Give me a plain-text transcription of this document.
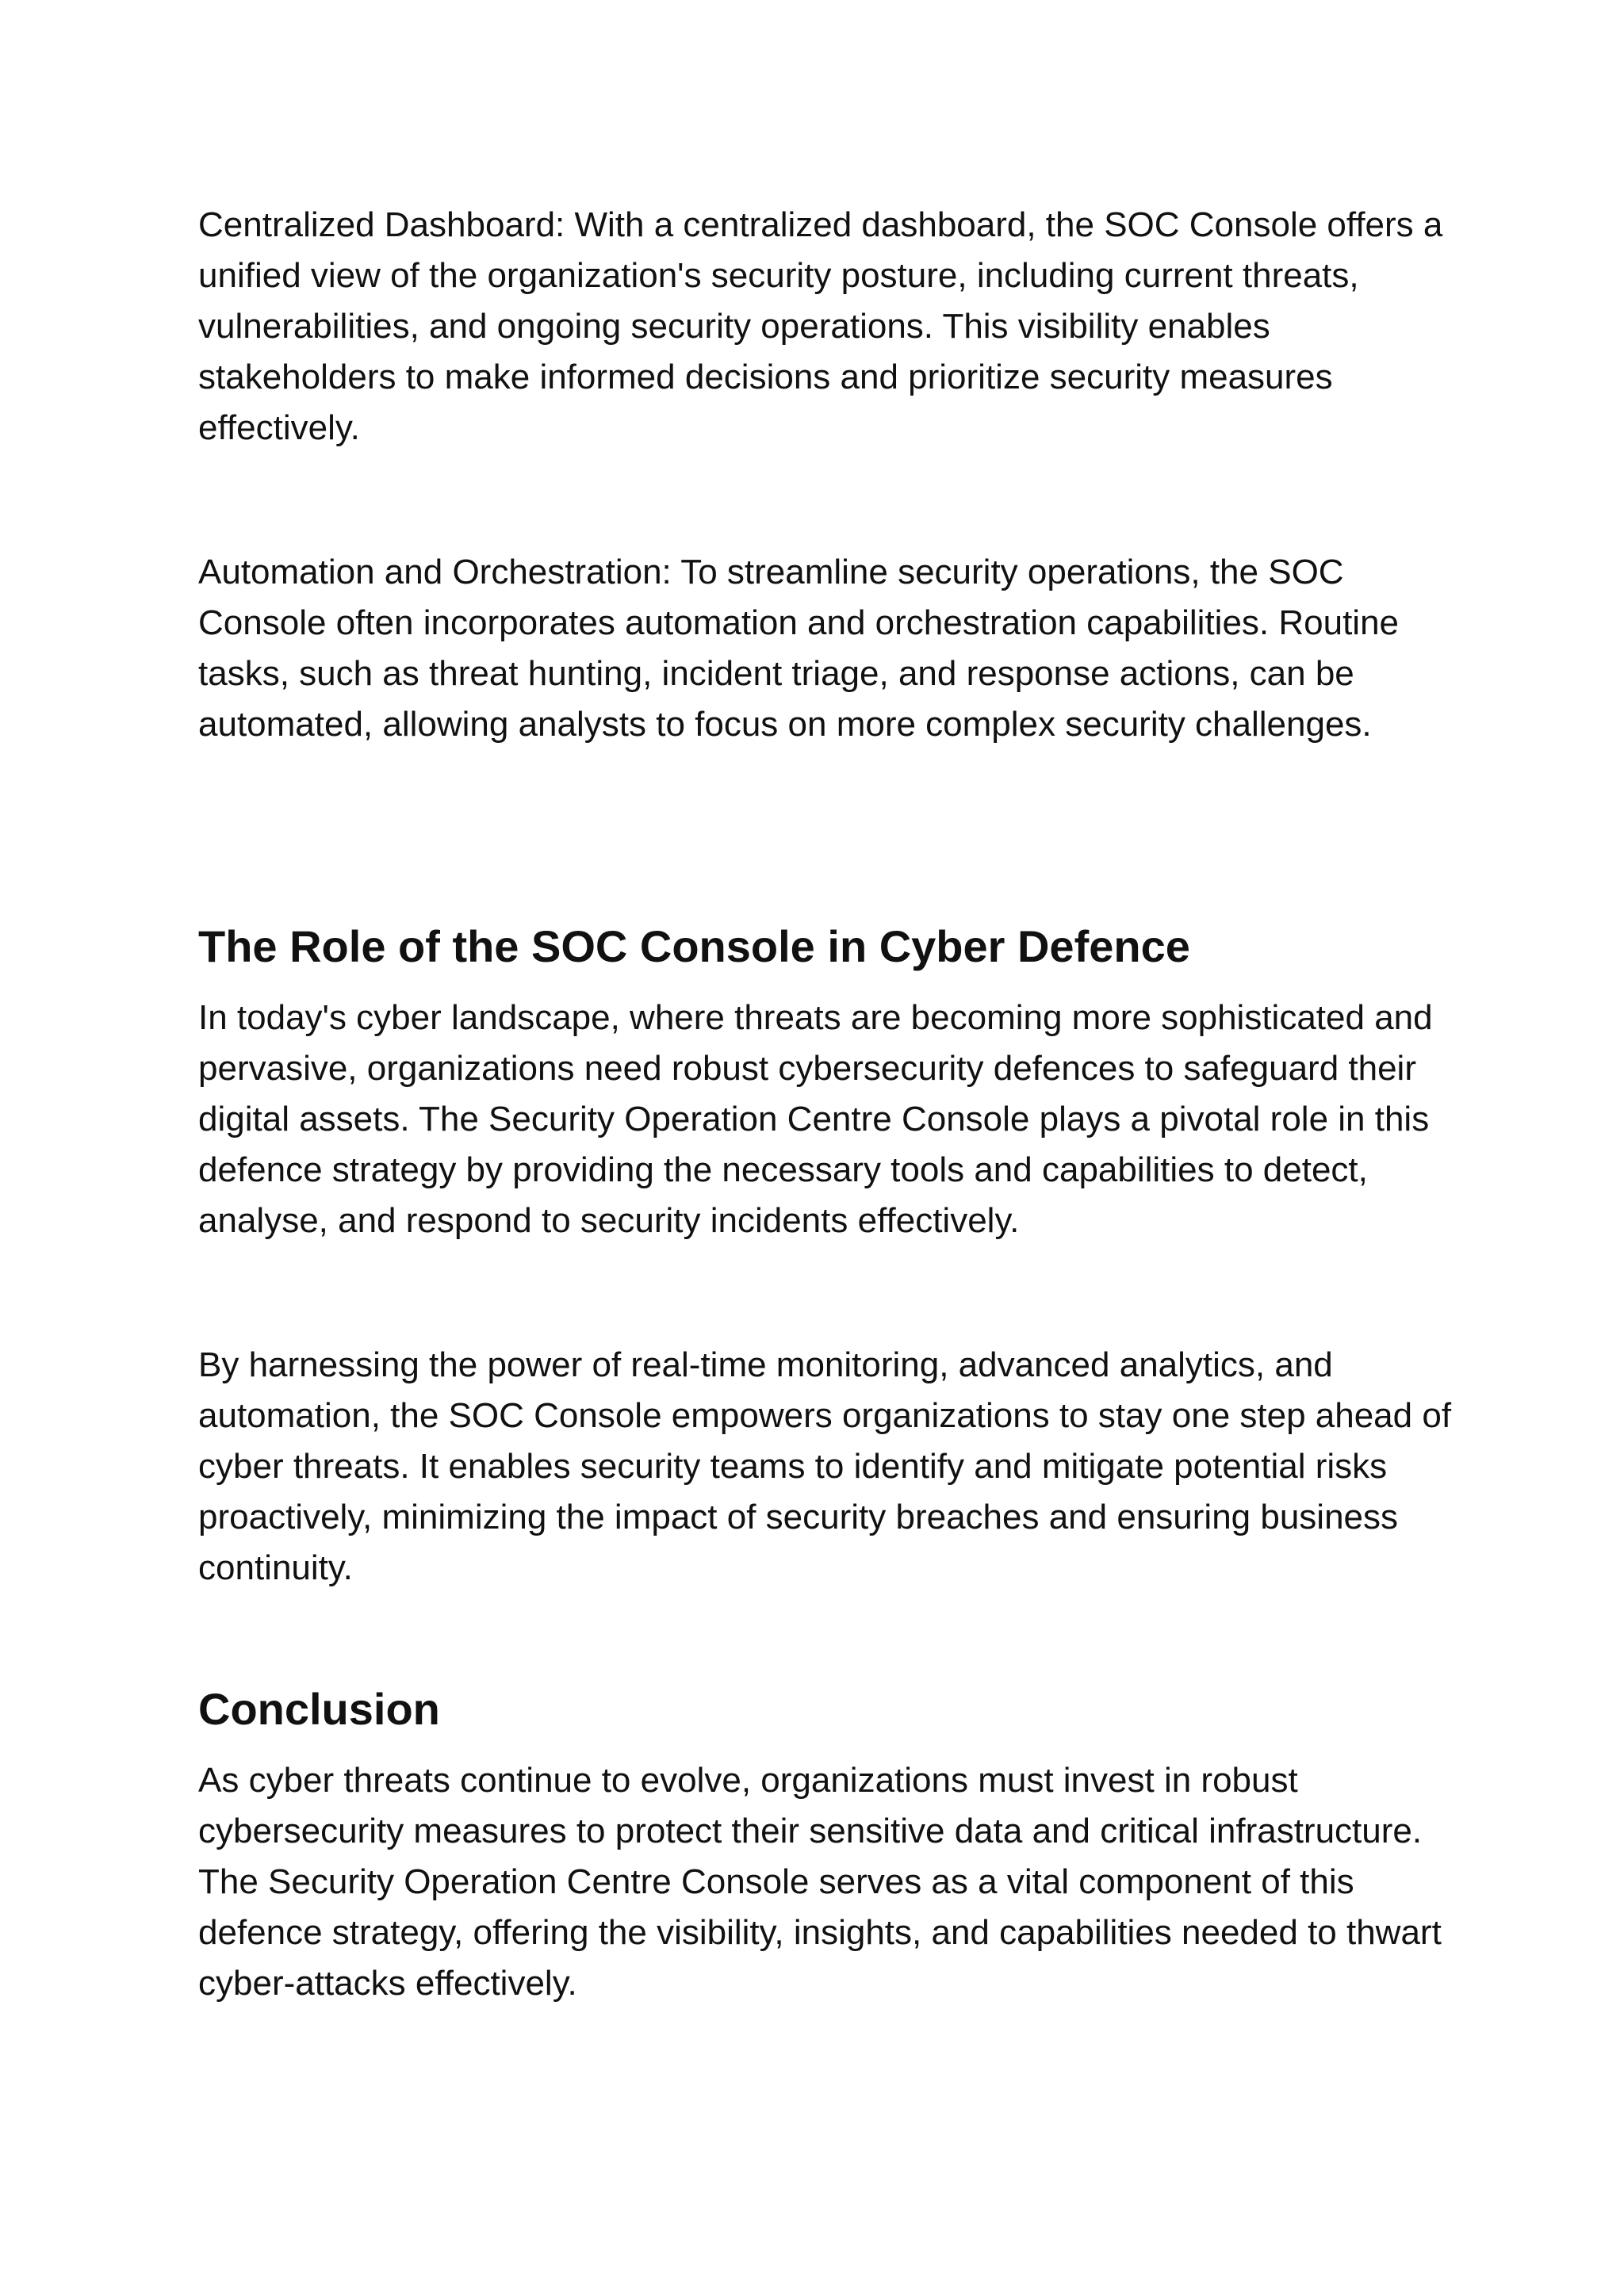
Centralized Dashboard: With a centralized dashboard, the SOC Console offers a unified view of the organization's security posture, including current threats, vulnerabilities, and ongoing security operations. This visibility enables stakeholders to make informed decisions and prioritize security measures effectively.

Automation and Orchestration: To streamline security operations, the SOC Console often incorporates automation and orchestration capabilities. Routine tasks, such as threat hunting, incident triage, and response actions, can be automated, allowing analysts to focus on more complex security challenges.

The Role of the SOC Console in Cyber Defence

In today's cyber landscape, where threats are becoming more sophisticated and pervasive, organizations need robust cybersecurity defences to safeguard their digital assets. The Security Operation Centre Console plays a pivotal role in this defence strategy by providing the necessary tools and capabilities to detect, analyse, and respond to security incidents effectively.

By harnessing the power of real-time monitoring, advanced analytics, and automation, the SOC Console empowers organizations to stay one step ahead of cyber threats. It enables security teams to identify and mitigate potential risks proactively, minimizing the impact of security breaches and ensuring business continuity.

Conclusion

As cyber threats continue to evolve, organizations must invest in robust cybersecurity measures to protect their sensitive data and critical infrastructure. The Security Operation Centre Console serves as a vital component of this defence strategy, offering the visibility, insights, and capabilities needed to thwart cyber-attacks effectively.
